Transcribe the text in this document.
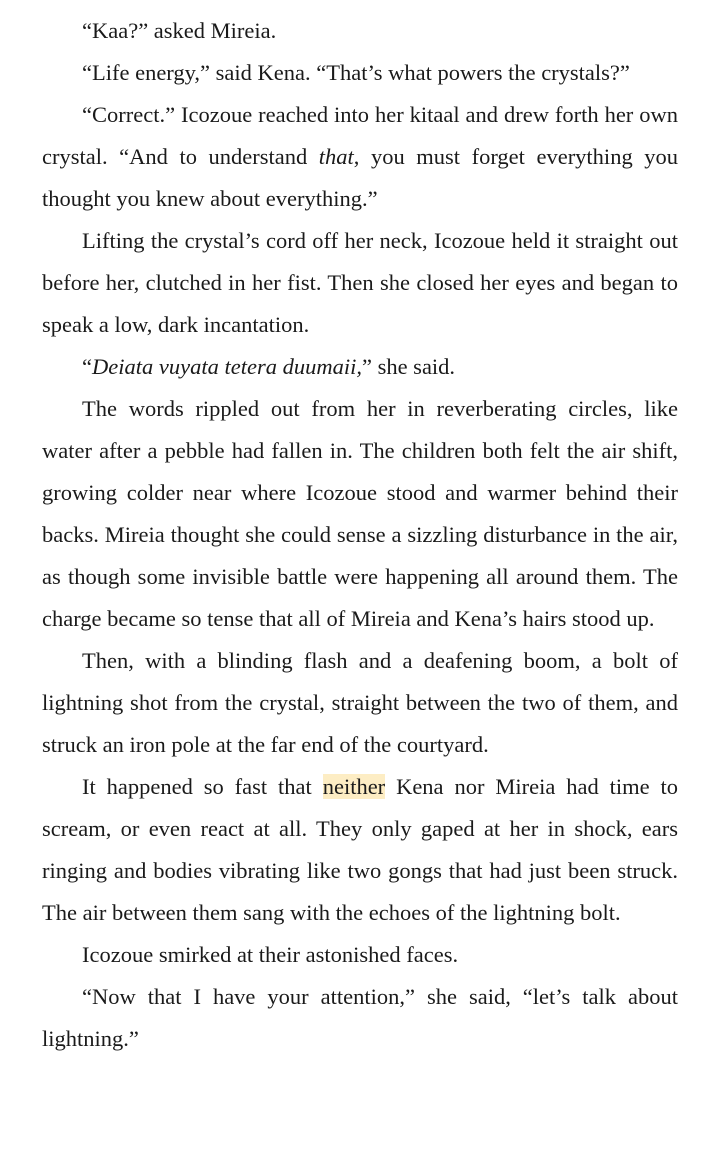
“Kaa?” asked Mireia.

“Life energy,” said Kena. “That’s what powers the crystals?”

“Correct.” Icozoue reached into her kitaal and drew forth her own crystal. “And to understand that, you must forget everything you thought you knew about everything.”

Lifting the crystal’s cord off her neck, Icozoue held it straight out before her, clutched in her fist. Then she closed her eyes and began to speak a low, dark incantation.

“Deiata vuyata tetera duumaii,” she said.

The words rippled out from her in reverberating circles, like water after a pebble had fallen in. The children both felt the air shift, growing colder near where Icozoue stood and warmer behind their backs. Mireia thought she could sense a sizzling disturbance in the air, as though some invisible battle were happening all around them. The charge became so tense that all of Mireia and Kena’s hairs stood up.

Then, with a blinding flash and a deafening boom, a bolt of lightning shot from the crystal, straight between the two of them, and struck an iron pole at the far end of the courtyard.

It happened so fast that neither Kena nor Mireia had time to scream, or even react at all. They only gaped at her in shock, ears ringing and bodies vibrating like two gongs that had just been struck. The air between them sang with the echoes of the lightning bolt.

Icozoue smirked at their astonished faces.

“Now that I have your attention,” she said, “let’s talk about lightning.”
